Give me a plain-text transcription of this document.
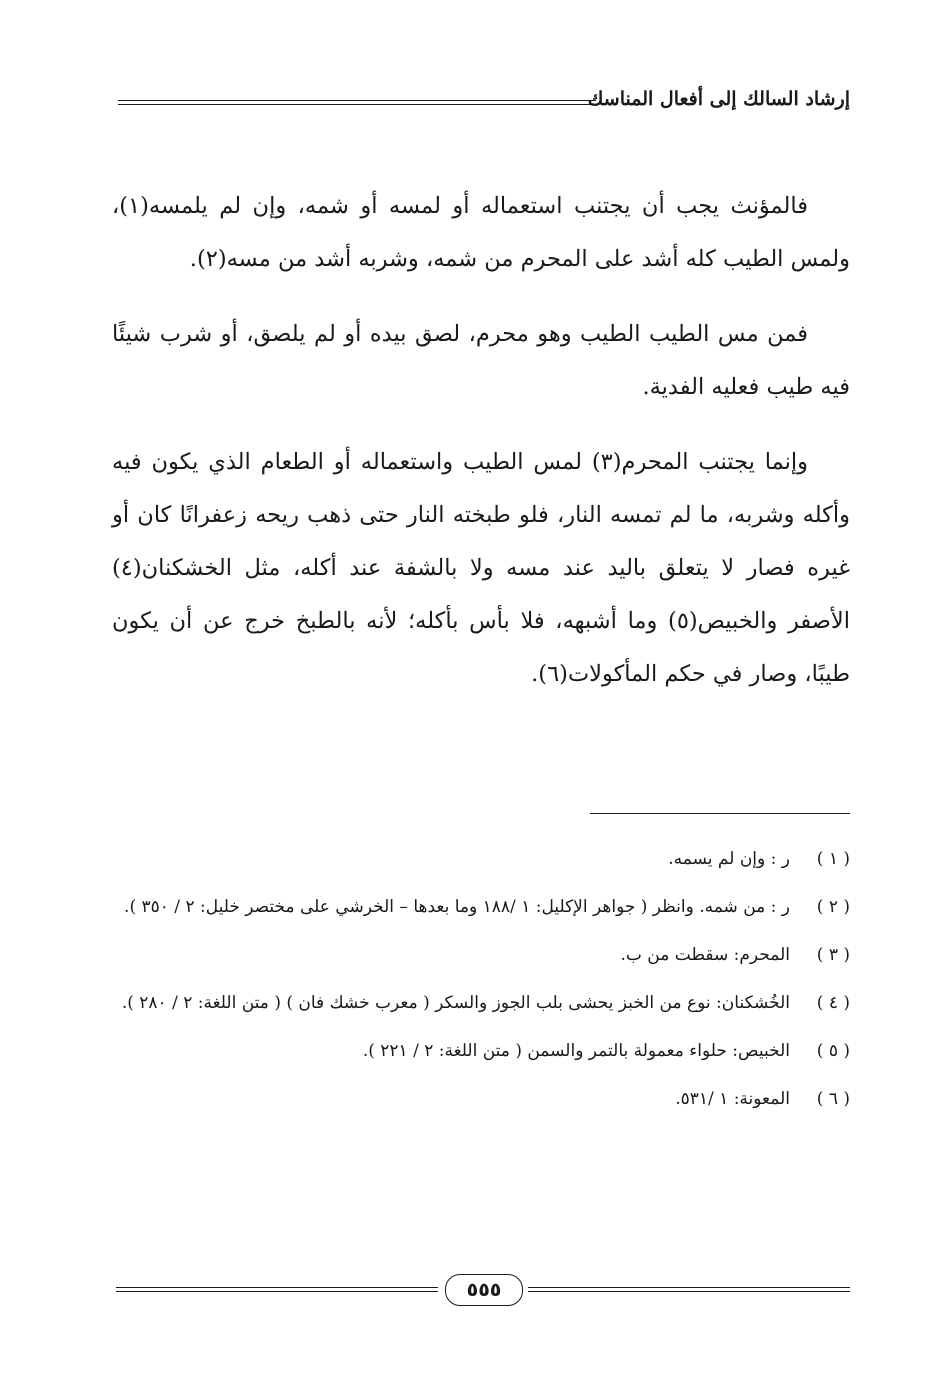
إرشاد السالك إلى أفعال المناسك

فالمؤنث يجب أن يجتنب استعماله أو لمسه أو شمه، وإن لم يلمسه(١)، ولمس الطيب كله أشد على المحرم من شمه، وشربه أشد من مسه(٢).

فمن مس الطيب الطيب وهو محرم، لصق بيده أو لم يلصق، أو شرب شيئًا فيه طيب فعليه الفدية.

وإنما يجتنب المحرم(٣) لمس الطيب واستعماله أو الطعام الذي يكون فيه وأكله وشربه، ما لم تمسه النار، فلو طبخته النار حتى ذهب ريحه زعفرانًا كان أو غيره فصار لا يتعلق باليد عند مسه ولا بالشفة عند أكله، مثل الخشكنان(٤) الأصفر والخبيص(٥) وما أشبهه، فلا بأس بأكله؛ لأنه بالطبخ خرج عن أن يكون طيبًا، وصار في حكم المأكولات(٦).

( ١ )
ر : وإن لم يسمه.
( ٢ )
ر : من شمه. وانظر ( جواهر الإكليل: ١ /١٨٨ وما بعدها – الخرشي على مختصر خليل: ٢ / ٣٥٠ ).
( ٣ )
المحرم: سقطت من ب.
( ٤ )
الخُشكنان: نوع من الخبز يحشى بلب الجوز والسكر ( معرب خشك فان ) ( متن اللغة: ٢ / ٢٨٠ ).
( ٥ )
الخبيص: حلواء معمولة بالتمر والسمن ( متن اللغة: ٢ / ٢٢١ ).
( ٦ )
المعونة: ١ /٥٣١.
٥٥٥
